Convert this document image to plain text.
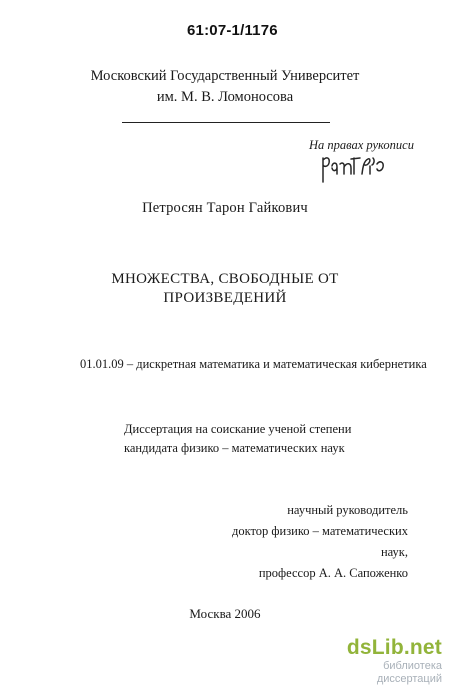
61:07-1/1176
Московский Государственный Университет
им. М. В. Ломоносова
На правах рукописи
Петросян Тарон Гайкович
МНОЖЕСТВА, СВОБОДНЫЕ ОТ
ПРОИЗВЕДЕНИЙ
01.01.09 – дискретная математика и математическая кибернетика
Диссертация на соискание ученой степени
кандидата физико – математических наук
научный руководитель
доктор физико – математических наук,
профессор А. А. Сапоженко
Москва 2006
dsLib.net
библиотека диссертаций
